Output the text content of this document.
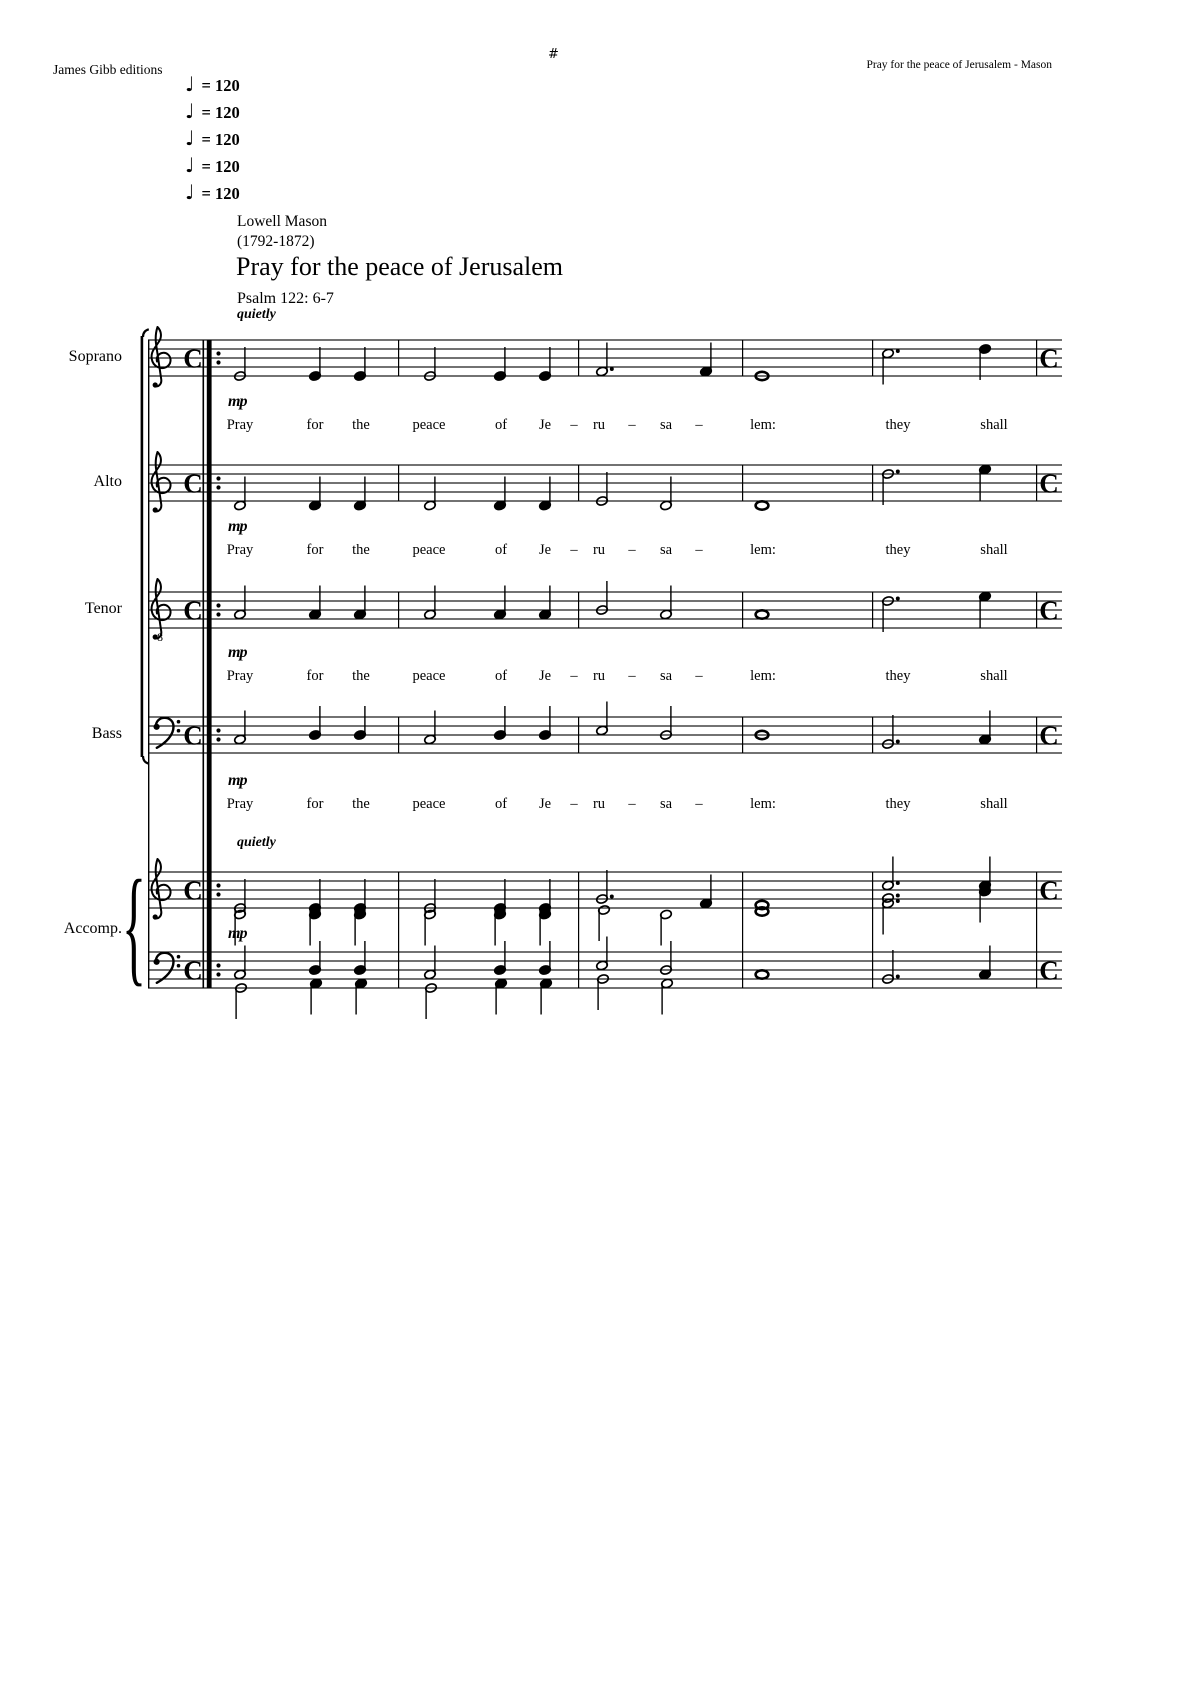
{
C	C
C	C
8
C	C
C	C
C	C
C	C
James Gibb editions
#
Pray for the peace of Jerusalem - Mason
♩ = 120
♩ = 120
♩ = 120
♩ = 120
♩ = 120
Lowell Mason
(1792-1872)
Pray for the peace of Jerusalem
Psalm 122: 6-7
quietly
quietly
Soprano
Alto
Tenor
Bass
Accomp.
mp
mp
mp
mp
mp
Pray	for the	peace	of Je – ru – sa –	lem:	they	shall
Pray	for the	peace	of Je – ru – sa –	lem:	they	shall
Pray	for the	peace	of Je – ru – sa –	lem:	they	shall
Pray	for the	peace	of Je – ru – sa –	lem:	they	shall
